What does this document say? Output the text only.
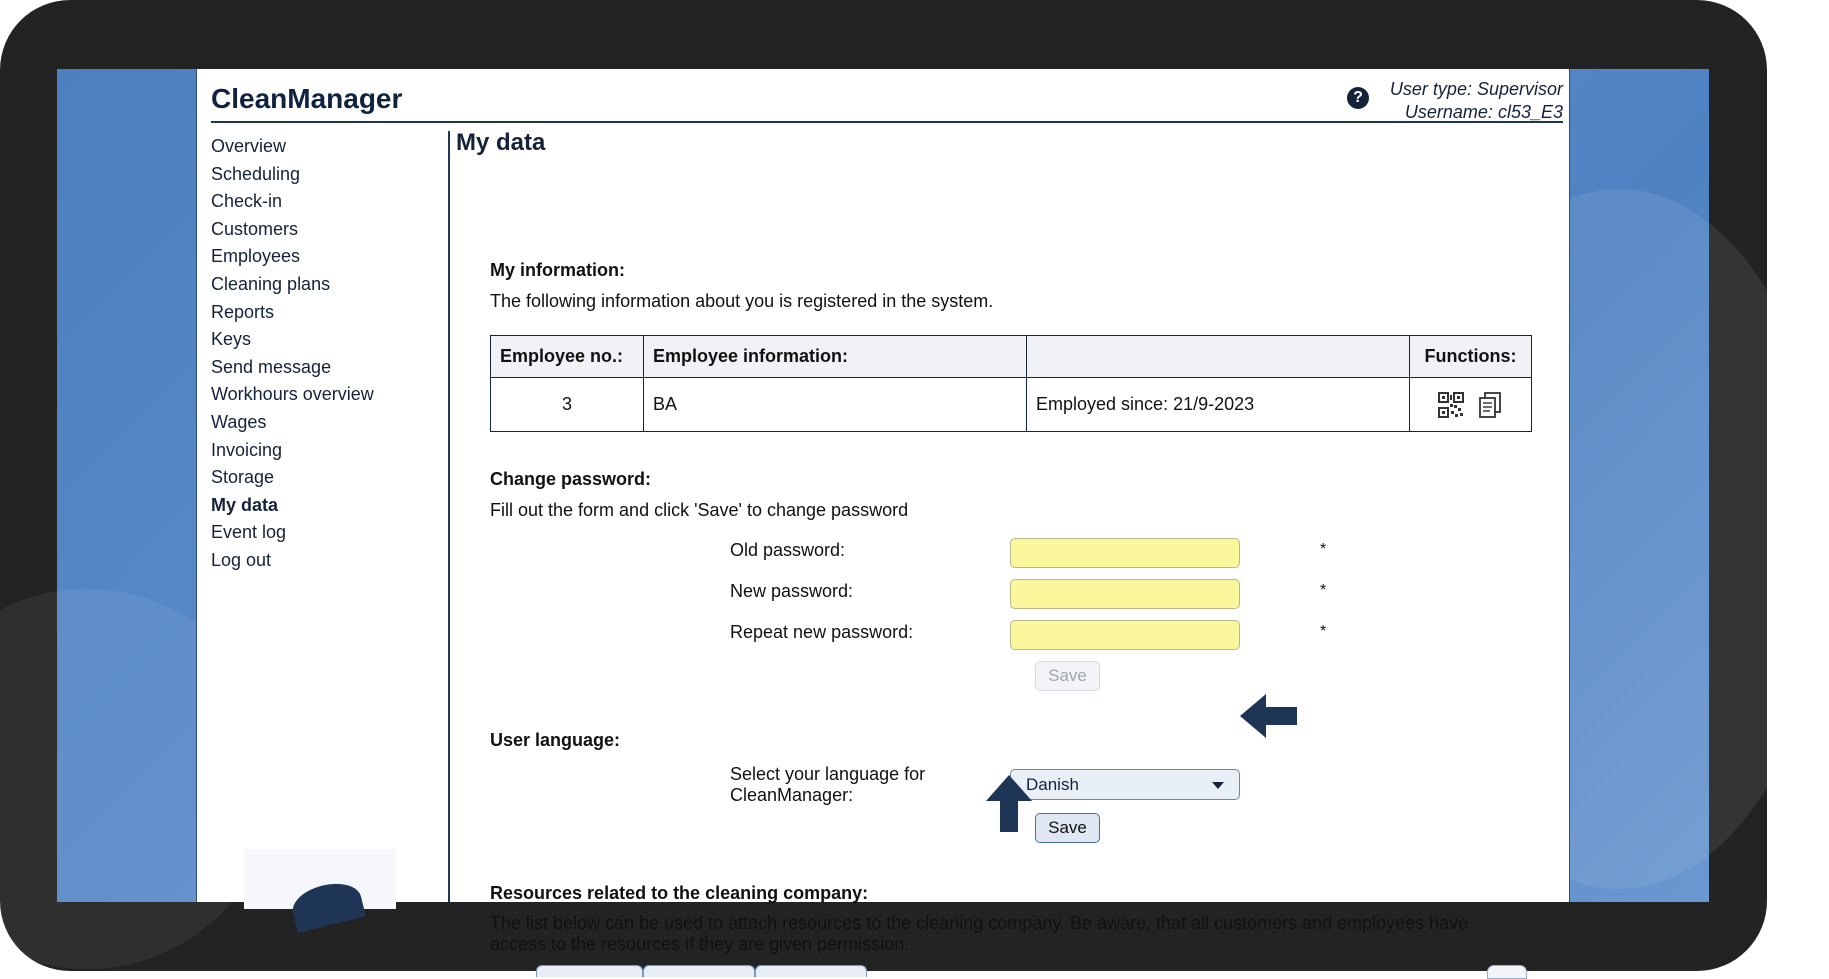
CleanManager	?	User type: Supervisor
Username: cl53_E3
Overview
Scheduling
Check-in
Customers
Employees
Cleaning plans
Reports
Keys
Send message
Workhours overview
Wages
Invoicing
Storage
My data
Event log
Log out
My data
My information:
The following information about you is registered in the system.
Employee no.:	Employee information:		Functions:
3	BA	Employed since: 21/9-2023	
Change password:
Fill out the form and click 'Save' to change password
Old password:	*
New password:	*
Repeat new password:	*
Save
User language:
Select your language for
CleanManager:
Danish
Save
Resources related to the cleaning company:
The list below can be used to attach resources to the cleaning company. Be aware, that all customers and employees have
access to the resources if they are given permission.
